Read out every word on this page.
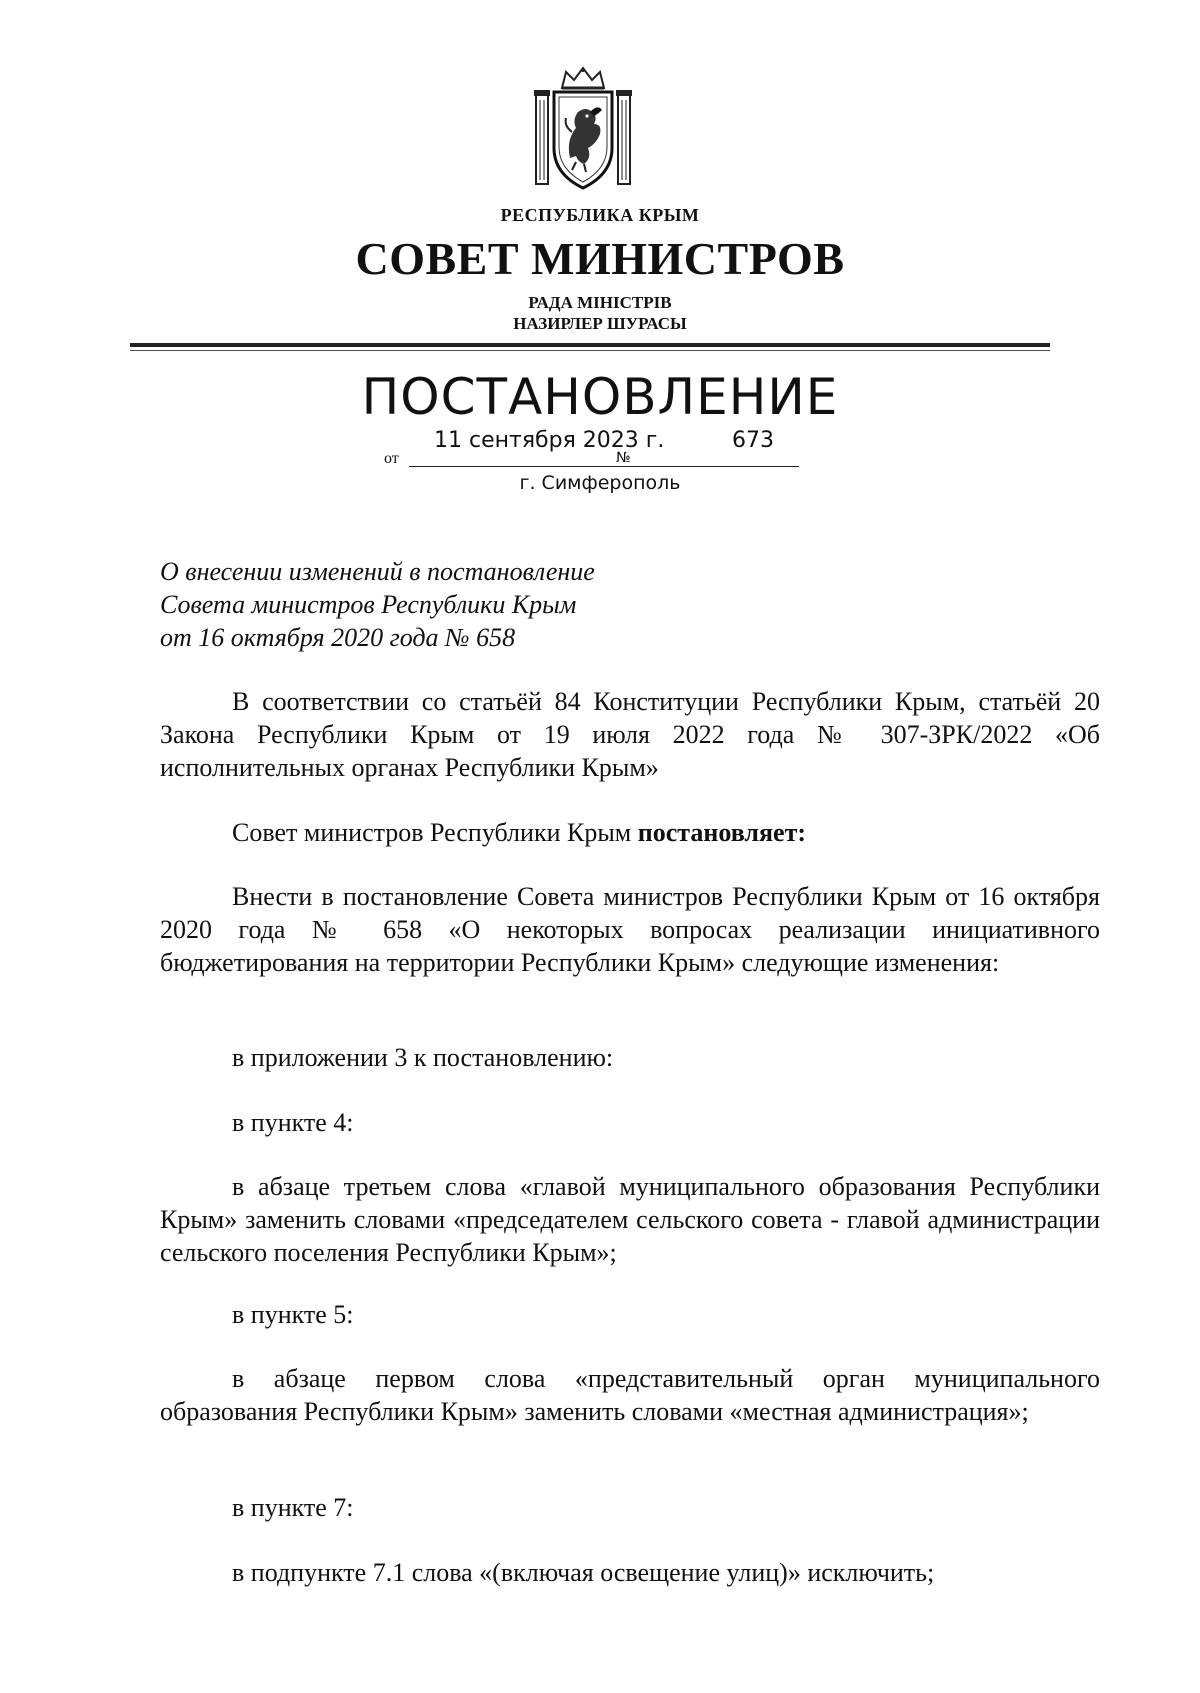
РЕСПУБЛИКА КРЫМ
СОВЕТ МИНИСТРОВ
РАДА МІНІСТРІВ
НАЗИРЛЕР ШУРАСЫ
ПОСТАНОВЛЕНИЕ
от
11 сентября 2023 г.
№
673
г. Симферополь
О внесении изменений в постановление
Совета министров Республики Крым
от 16 октября 2020 года № 658
В соответствии со статьёй 84 Конституции Республики Крым, статьёй 20 Закона Республики Крым от 19 июля 2022 года № 307-ЗРК/2022 «Об исполнительных органах Республики Крым»
Совет министров Республики Крым постановляет:
Внести в постановление Совета министров Республики Крым от 16 октября 2020 года № 658 «О некоторых вопросах реализации инициативного бюджетирования на территории Республики Крым» следующие изменения:
в приложении 3 к постановлению:
в пункте 4:
в абзаце третьем слова «главой муниципального образования Республики Крым» заменить словами «председателем сельского совета - главой администрации сельского поселения Республики Крым»;
в пункте 5:
в абзаце первом слова «представительный орган муниципального образования Республики Крым» заменить словами «местная администрация»;
в пункте 7:
в подпункте 7.1 слова «(включая освещение улиц)» исключить;
